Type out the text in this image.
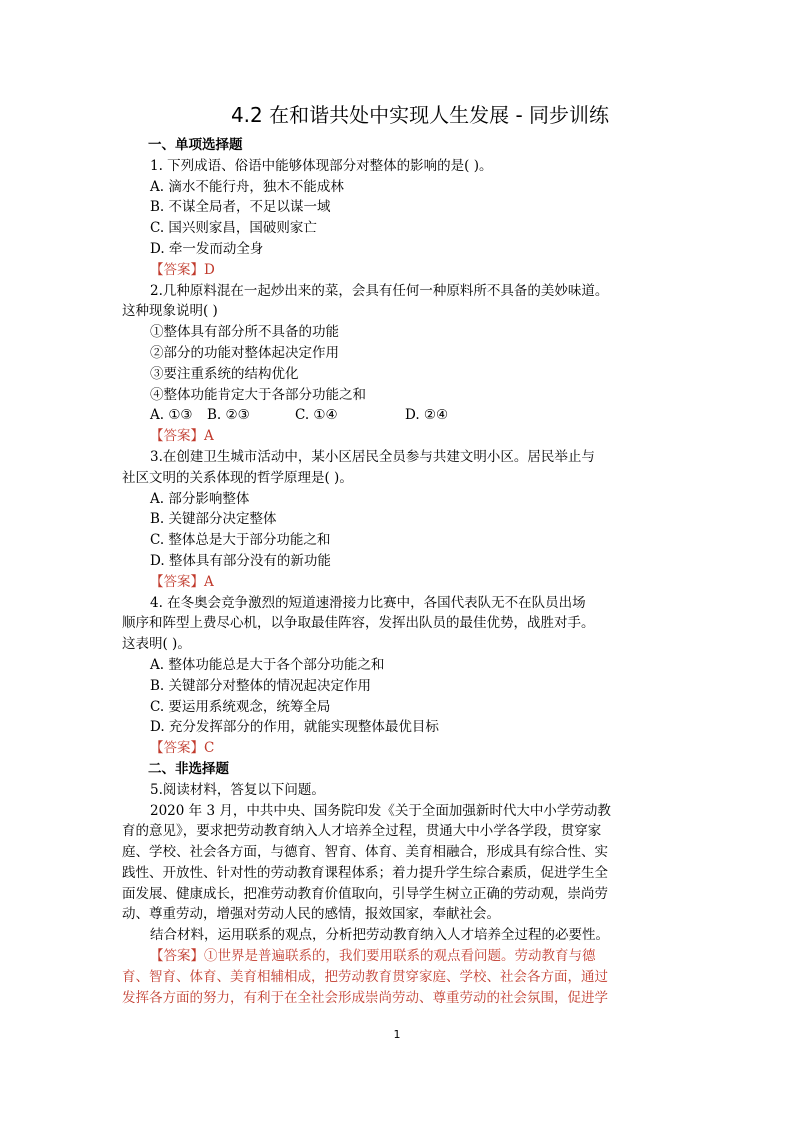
4.2 在和谐共处中实现人生发展 - 同步训练
一、单项选择题
1. 下列成语、俗语中能够体现部分对整体的影响的是( )。
A. 滴水不能行舟，独木不能成林
B. 不谋全局者，不足以谋一域
C. 国兴则家昌，国破则家亡
D. 牵一发而动全身
【答案】D
2.几种原料混在一起炒出来的菜，会具有任何一种原料所不具备的美妙味道。
这种现象说明( )
①整体具有部分所不具备的功能
②部分的功能对整体起决定作用
③要注重系统的结构优化
④整体功能肯定大于各部分功能之和
A. ①③ B. ②③	C. ①④	D. ②④
【答案】A
3.在创建卫生城市活动中，某小区居民全员参与共建文明小区。居民举止与
社区文明的关系体现的哲学原理是( )。
A. 部分影响整体
B. 关键部分决定整体
C. 整体总是大于部分功能之和
D. 整体具有部分没有的新功能
【答案】A
4. 在冬奥会竞争激烈的短道速滑接力比赛中，各国代表队无不在队员出场
顺序和阵型上费尽心机，以争取最佳阵容，发挥出队员的最佳优势，战胜对手。
这表明( )。
A. 整体功能总是大于各个部分功能之和
B. 关键部分对整体的情况起决定作用
C. 要运用系统观念，统筹全局
D. 充分发挥部分的作用，就能实现整体最优目标
【答案】C
二、非选择题
5.阅读材料，答复以下问题。
2020 年 3 月，中共中央、国务院印发《关于全面加强新时代大中小学劳动教
育的意见》，要求把劳动教育纳入人才培养全过程，贯通大中小学各学段，贯穿家
庭、学校、社会各方面，与德育、智育、体育、美育相融合，形成具有综合性、实
践性、开放性、针对性的劳动教育课程体系；着力提升学生综合素质，促进学生全
面发展、健康成长，把准劳动教育价值取向，引导学生树立正确的劳动观，崇尚劳
动、尊重劳动，增强对劳动人民的感情，报效国家，奉献社会。
结合材料，运用联系的观点，分析把劳动教育纳入人才培养全过程的必要性。
【答案】①世界是普遍联系的，我们要用联系的观点看问题。劳动教育与德
育、智育、体育、美育相辅相成，把劳动教育贯穿家庭、学校、社会各方面，通过
发挥各方面的努力，有利于在全社会形成崇尚劳动、尊重劳动的社会氛围，促进学
1
